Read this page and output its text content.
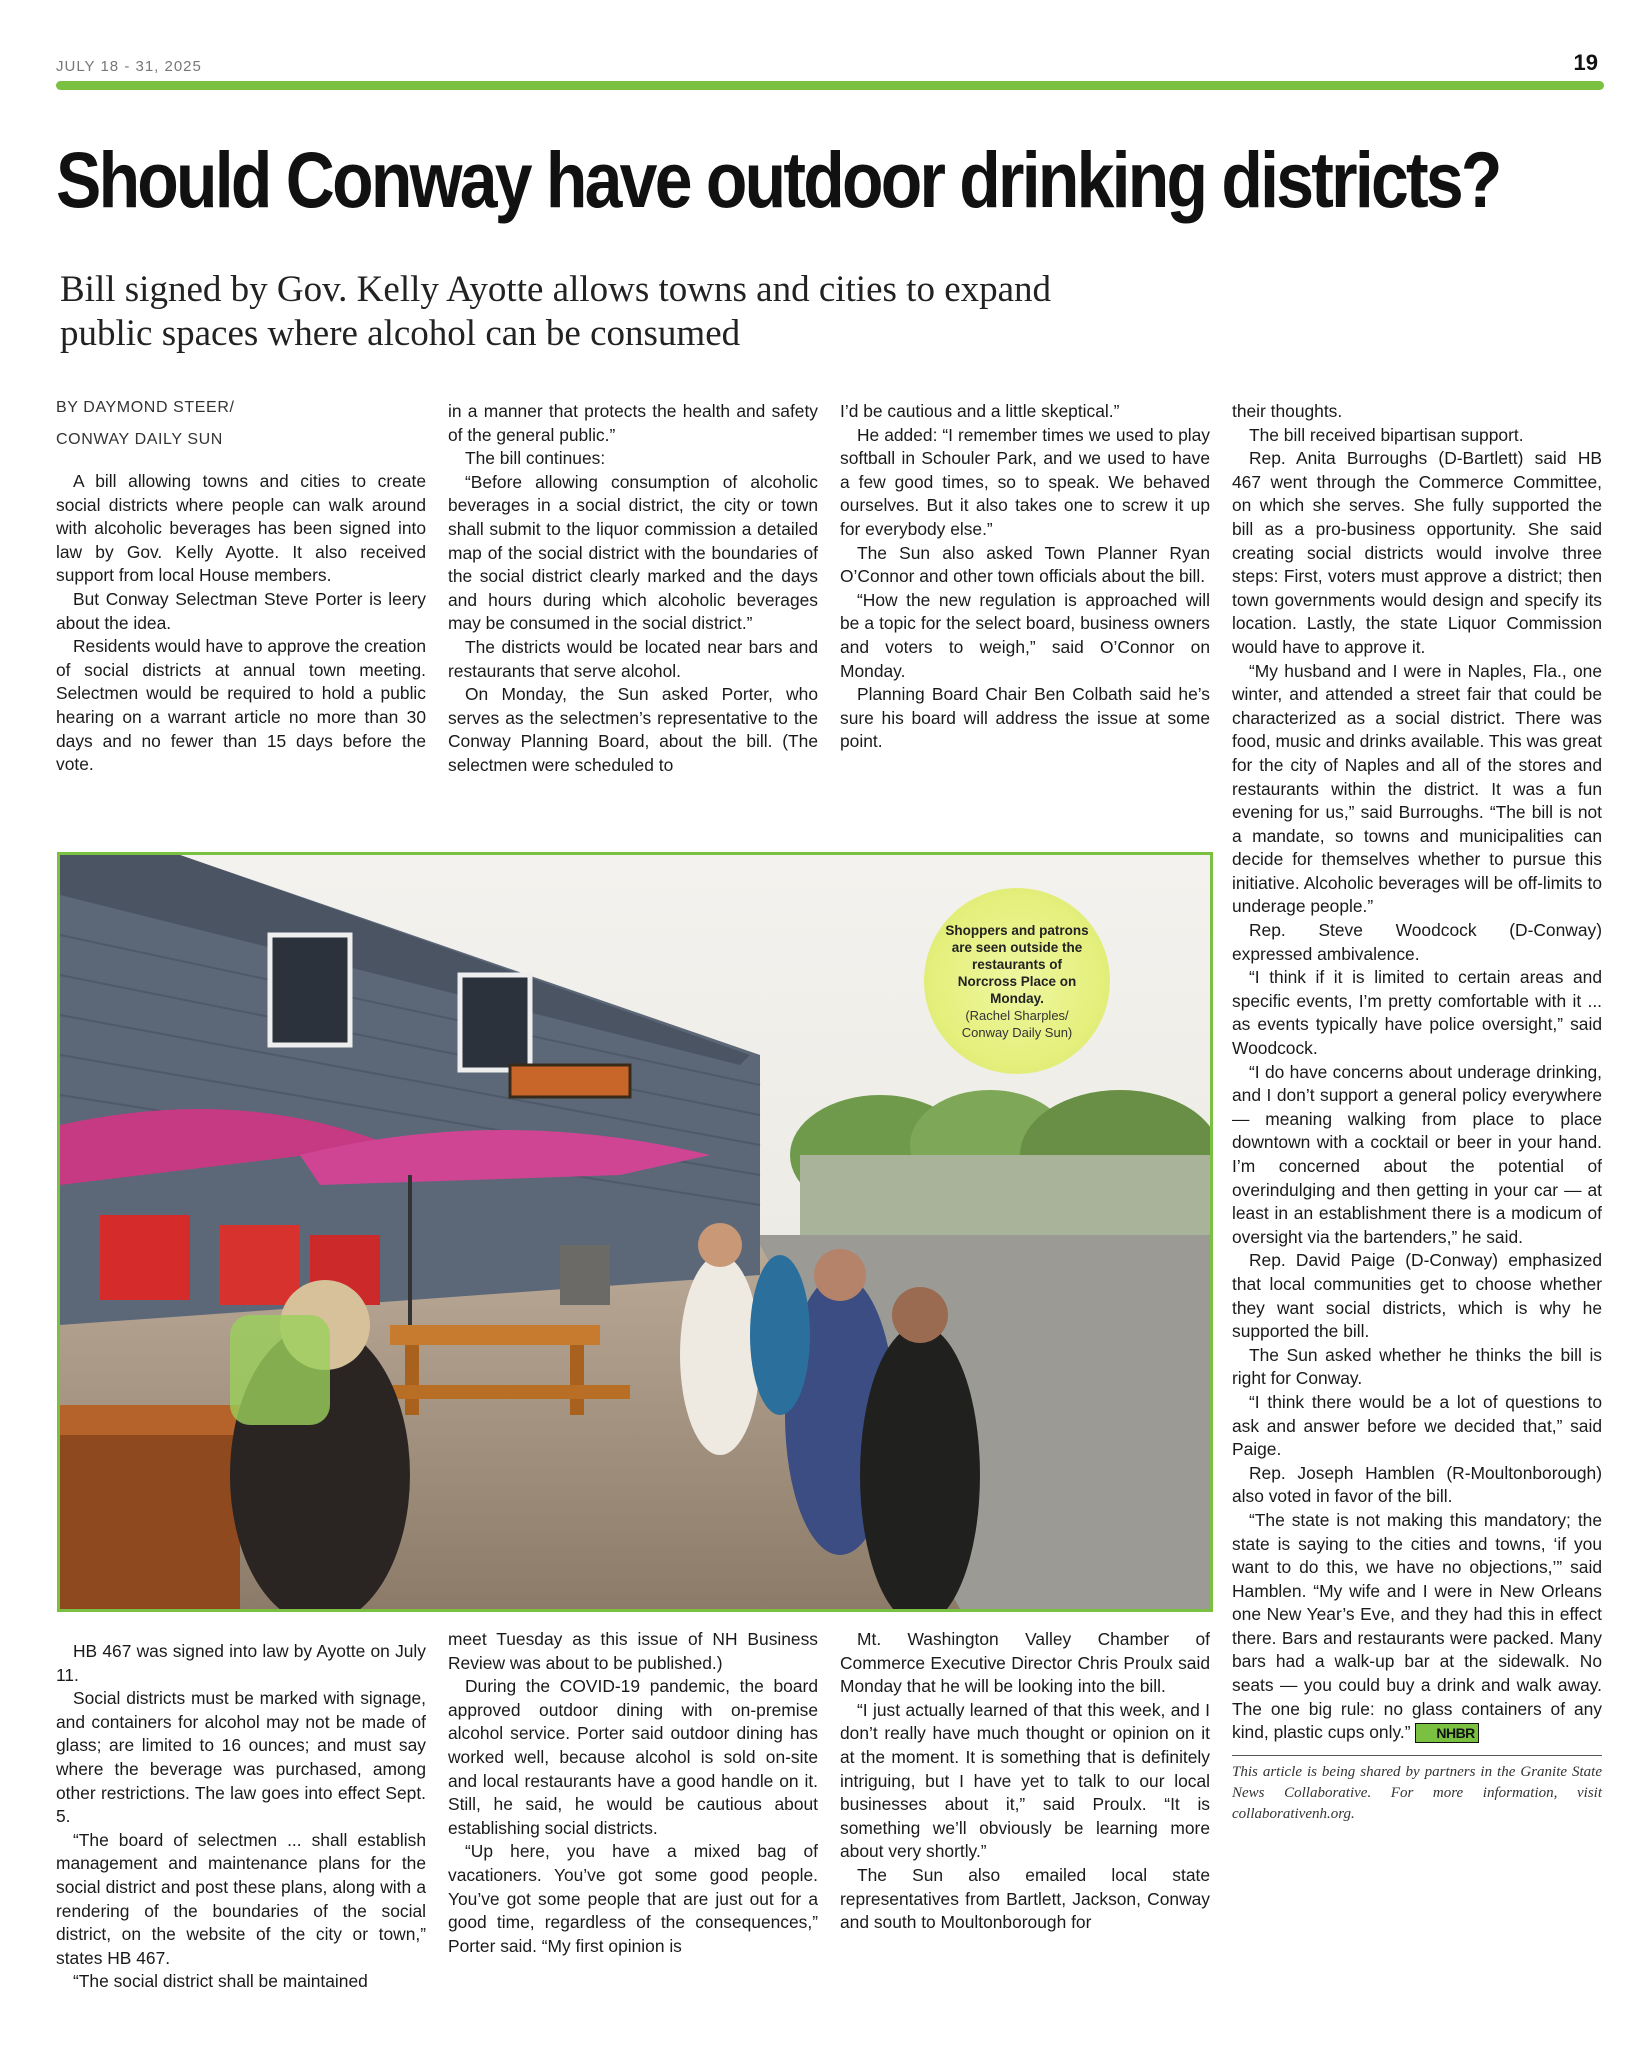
JULY 18 - 31, 2025	19
Should Conway have outdoor drinking districts?
Bill signed by Gov. Kelly Ayotte allows towns and cities to expand public spaces where alcohol can be consumed
BY DAYMOND STEER/
CONWAY DAILY SUN

A bill allowing towns and cities to create social districts where people can walk around with alcoholic beverages has been signed into law by Gov. Kelly Ayotte. It also received support from local House members.

But Conway Selectman Steve Porter is leery about the idea.

Residents would have to approve the creation of social districts at annual town meeting. Selectmen would be required to hold a public hearing on a warrant article no more than 30 days and no fewer than 15 days before the vote.

in a manner that protects the health and safety of the general public.”

The bill continues:

“Before allowing consumption of alcoholic beverages in a social district, the city or town shall submit to the liquor commission a detailed map of the social district with the boundaries of the social district clearly marked and the days and hours during which alcoholic beverages may be consumed in the social district.”

The districts would be located near bars and restaurants that serve alcohol.

On Monday, the Sun asked Porter, who serves as the selectmen’s representative to the Conway Planning Board, about the bill. (The selectmen were scheduled to

I’d be cautious and a little skeptical.”

He added: “I remember times we used to play softball in Schouler Park, and we used to have a few good times, so to speak. We behaved ourselves. But it also takes one to screw it up for everybody else.”

The Sun also asked Town Planner Ryan O’Connor and other town officials about the bill.

“How the new regulation is approached will be a topic for the select board, business owners and voters to weigh,” said O’Connor on Monday.

Planning Board Chair Ben Colbath said he’s sure his board will address the issue at some point.

their thoughts.

The bill received bipartisan support.

Rep. Anita Burroughs (D-Bartlett) said HB 467 went through the Commerce Committee, on which she serves. She fully supported the bill as a pro-business opportunity. She said creating social districts would involve three steps: First, voters must approve a district; then town governments would design and specify its location. Lastly, the state Liquor Commission would have to approve it.

“My husband and I were in Naples, Fla., one winter, and attended a street fair that could be characterized as a social district. There was food, music and drinks available. This was great for the city of Naples and all of the stores and restaurants within the district. It was a fun evening for us,” said Burroughs. “The bill is not a mandate, so towns and municipalities can decide for themselves whether to pursue this initiative. Alcoholic beverages will be off-limits to underage people.”

Rep. Steve Woodcock (D-Conway) expressed ambivalence.

“I think if it is limited to certain areas and specific events, I’m pretty comfortable with it ... as events typically have police oversight,” said Woodcock.

“I do have concerns about underage drinking, and I don’t support a general policy everywhere — meaning walking from place to place downtown with a cocktail or beer in your hand. I’m concerned about the potential of overindulging and then getting in your car — at least in an establishment there is a modicum of oversight via the bartenders,” he said.

Rep. David Paige (D-Conway) emphasized that local communities get to choose whether they want social districts, which is why he supported the bill.

The Sun asked whether he thinks the bill is right for Conway.

“I think there would be a lot of questions to ask and answer before we decided that,” said Paige.

Rep. Joseph Hamblen (R-Moultonborough) also voted in favor of the bill.

“The state is not making this mandatory; the state is saying to the cities and towns, ‘if you want to do this, we have no objections,’” said Hamblen. “My wife and I were in New Orleans one New Year’s Eve, and they had this in effect there. Bars and restaurants were packed. Many bars had a walk-up bar at the sidewalk. No seats — you could buy a drink and walk away. The one big rule: no glass containers of any kind, plastic cups only.” NHBR

This article is being shared by partners in the Granite State News Collaborative. For more information, visit collaborativenh.org.

Shoppers and patrons are seen outside the restaurants of Norcross Place on Monday.
(Rachel Sharples/ Conway Daily Sun)

HB 467 was signed into law by Ayotte on July 11.

Social districts must be marked with signage, and containers for alcohol may not be made of glass; are limited to 16 ounces; and must say where the beverage was purchased, among other restrictions. The law goes into effect Sept. 5.

“The board of selectmen ... shall establish management and maintenance plans for the social district and post these plans, along with a rendering of the boundaries of the social district, on the website of the city or town,” states HB 467.

“The social district shall be maintained

meet Tuesday as this issue of NH Business Review was about to be published.)

During the COVID-19 pandemic, the board approved outdoor dining with on-premise alcohol service. Porter said outdoor dining has worked well, because alcohol is sold on-site and local restaurants have a good handle on it. Still, he said, he would be cautious about establishing social districts.

“Up here, you have a mixed bag of vacationers. You’ve got some good people. You’ve got some people that are just out for a good time, regardless of the consequences,” Porter said. “My first opinion is

Mt. Washington Valley Chamber of Commerce Executive Director Chris Proulx said Monday that he will be looking into the bill.

“I just actually learned of that this week, and I don’t really have much thought or opinion on it at the moment. It is something that is definitely intriguing, but I have yet to talk to our local businesses about it,” said Proulx. “It is something we’ll obviously be learning more about very shortly.”

The Sun also emailed local state representatives from Bartlett, Jackson, Conway and south to Moultonborough for
